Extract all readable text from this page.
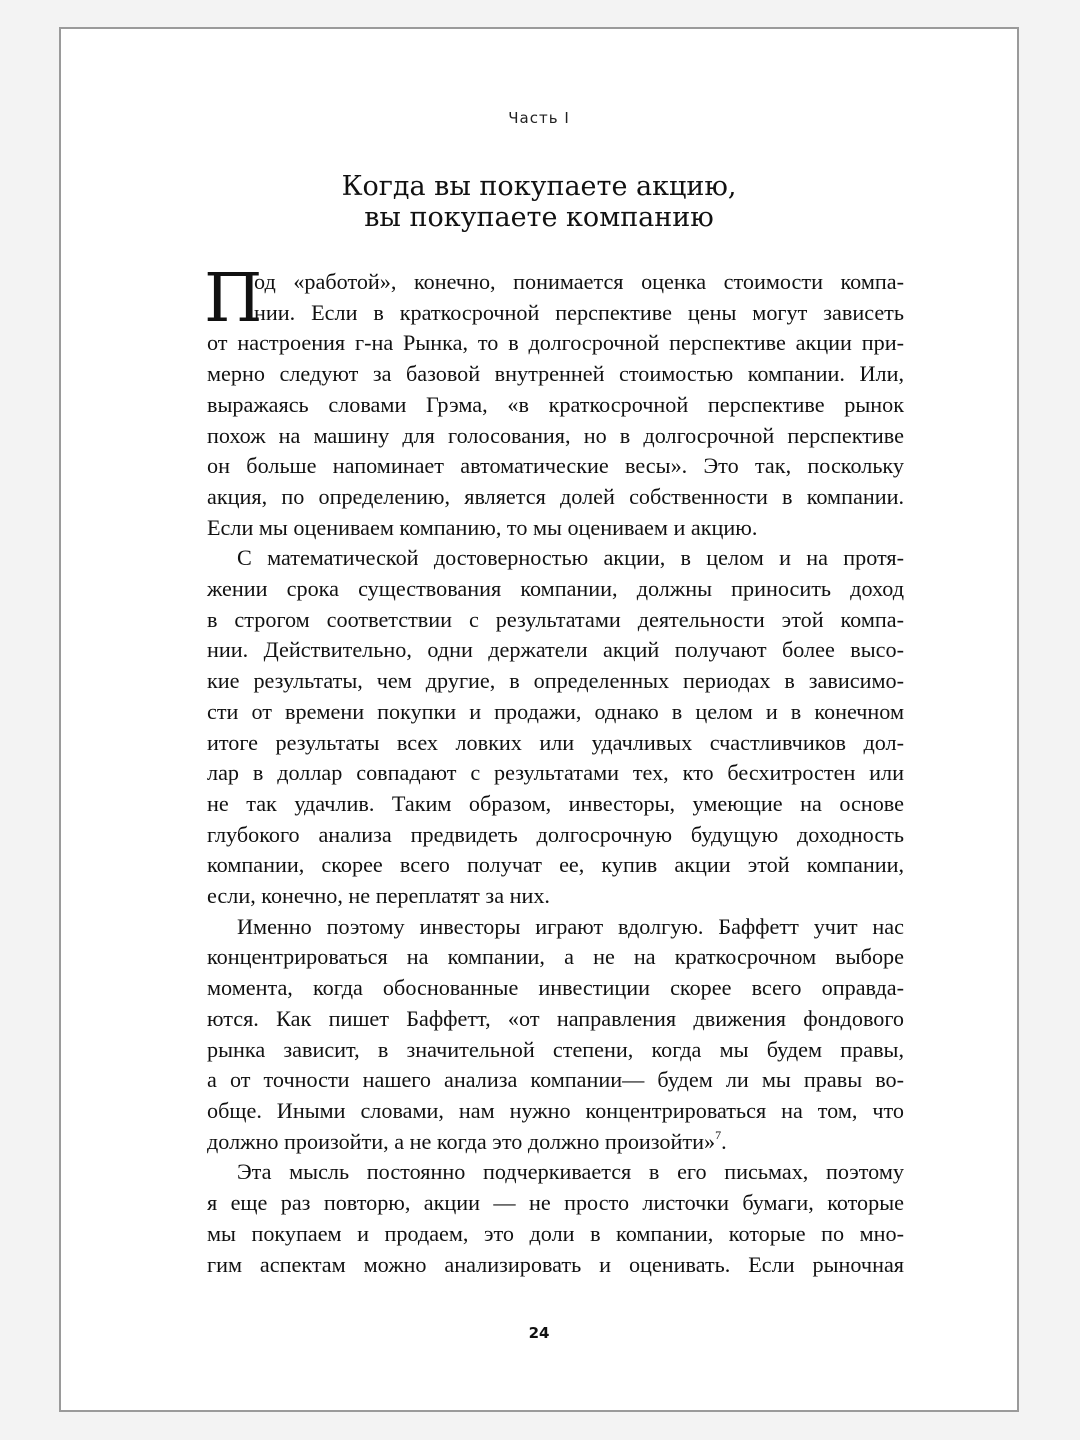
Часть I
Когда вы покупаете акцию,
вы покупаете компанию
П
од «работой», конечно, понимается оценка стоимости компа-
нии. Если в краткосрочной перспективе цены могут зависеть
от настроения г-на Рынка, то в долгосрочной перспективе акции при-
мерно следуют за базовой внутренней стоимостью компании. Или,
выражаясь словами Грэма, «в краткосрочной перспективе рынок
похож на машину для голосования, но в долгосрочной перспективе
он больше напоминает автоматические весы». Это так, поскольку
акция, по определению, является долей собственности в компании.
Если мы оцениваем компанию, то мы оцениваем и акцию.
С математической достоверностью акции, в целом и на протя-
жении срока существования компании, должны приносить доход
в строгом соответствии с результатами деятельности этой компа-
нии. Действительно, одни держатели акций получают более высо-
кие результаты, чем другие, в определенных периодах в зависимо-
сти от времени покупки и продажи, однако в целом и в конечном
итоге результаты всех ловких или удачливых счастливчиков дол-
лар в доллар совпадают с результатами тех, кто бесхитростен или
не так удачлив. Таким образом, инвесторы, умеющие на основе
глубокого анализа предвидеть долгосрочную будущую доходность
компании, скорее всего получат ее, купив акции этой компании,
если, конечно, не переплатят за них.
Именно поэтому инвесторы играют вдолгую. Баффетт учит нас
концентрироваться на компании, а не на краткосрочном выборе
момента, когда обоснованные инвестиции скорее всего оправда-
ются. Как пишет Баффетт, «от направления движения фондового
рынка зависит, в значительной степени, когда мы будем правы,
а от точности нашего анализа компании— будем ли мы правы во-
обще. Иными словами, нам нужно концентрироваться на том, что
должно произойти, а не когда это должно произойти»$^7$.
Эта мысль постоянно подчеркивается в его письмах, поэтому
я еще раз повторю, акции — не просто листочки бумаги, которые
мы покупаем и продаем, это доли в компании, которые по мно-
гим аспектам можно анализировать и оценивать. Если рыночная
24
